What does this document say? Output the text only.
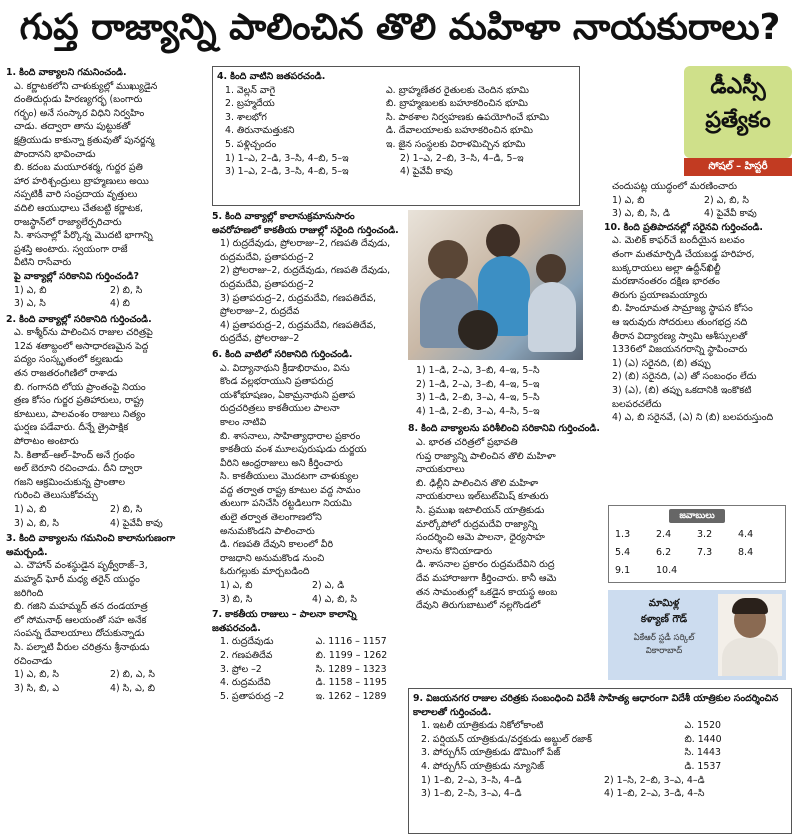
గుప్త రాజ్యాన్ని పాలించిన తొలి మహిళా నాయకురాలు?
1. కింది వాక్యాలని గమనించండి.
ఎ. కర్ణాటకలోని చాళుక్యుల్లో ముఖ్యుడైన
దంతిదుర్గుడు హిరణ్యగర్భ (బంగారు
గర్భం) అనే సంస్కార విధిని నిర్వహిం
చాడు. తద్వారా తాను పుట్టుకతో
క్షత్రియుడు కాకున్నా క్రతువుతో పునర్జన్మ
పొందానని భావించాడు
బి. కదంబ మయూరశర్మ, గుర్జర ప్రతి
హార హరిశ్చంద్రులు బ్రాహ్మణులు అయి
నప్పటికీ వారి సంప్రదాయ వృత్తులు
వదిలి ఆయుధాలు చేతబట్టి కర్ణాటక,
రాజస్థాన్‌లో రాజ్యాలేర్పరిచారు
సి. శాసనాల్లో పేర్కొన్న మొదటి భాగాన్ని
ప్రశస్తి అంటారు. స్వయంగా రాజే
వీటిని రాసేవారు
పై వాక్యాల్లో సరికానివి గుర్తించండి?
1) ఎ, బి	2) బి, సి
3) ఎ, సి	4) బి
2. కింది వాక్యాల్లో సరికానిది గుర్తించండి.
ఎ. కాశ్మీర్‌ను పాలించిన రాజుల చరిత్రపై
12వ శతాబ్దంలో అసాధారణమైన పెద్ద
పద్యం సంస్కృతంలో కల్హణుడు
తన రాజతరంగిణిలో రాశాడు
బి. గంగానది లోయ ప్రాంతంపై నియం
త్రణ కోసం గుర్జర ప్రతిహారులు, రాష్ట్ర
కూటులు, పాలవంశం రాజులు నిత్యం
ఘర్షణ పడేవారు. దీన్నే త్రైపాక్షిక
పోరాటం అంటారు
సి. కితాబ్–ఆల్–హింద్ అనే గ్రంథం
అల్ బెరూని రచించాడు. దీని ద్వారా
గజని ఆక్రమించుకున్న ప్రాంతాల
గురించి తెలుసుకోవచ్చు
1) ఎ, బి	2) బి, సి
3) ఎ, బి, సి	4) పైవేవీ కావు
3. కింది వాక్యాలను గమనించి కాలానుగుణంగా అమర్చండి.
ఎ. చౌహాన్ వంశస్థుడైన పృథ్వీరాజ్–3,
మహ్మద్ ఘోరీ మధ్య తరైన్ యుద్ధం
జరిగింది
బి. గజిని మహమ్మద్ తన దండయాత్ర
లో సోమనాథ్ ఆలయంతో సహ అనేక
సంపన్న దేవాలయాలు దోచుకున్నాడు
సి. పల్నాటి వీరుల చరిత్రను శ్రీనాథుడు
రచించాడు
1) ఎ, బి, సి	2) బి, ఎ, సి
3) సి, బి, ఎ	4) సి, ఎ, బి
4. కింది వాటిని జతపరచండి.
1. వెల్లన్ వాగై	ఎ. బ్రాహ్మణేతర రైతులకు చెందిన భూమి
2. బ్రహ్మదేయ	బి. బ్రాహ్మణులకు బహూకరించిన భూమి
3. శాలభోగ	సి. పాఠశాల నిర్వహణకు ఉపయోగించే భూమి
4. తిరునామత్తుకని	డి. దేవాలయాలకు బహూకరించిన భూమి
5. పళ్లిచ్చందం	ఇ. జైన సంస్థలకు విరాళమిచ్చిన భూమి
1) 1–ఎ, 2–డి, 3–సి, 4–బి, 5–ఇ	2) 1–ఎ, 2–బి, 3–సి, 4–డి, 5–ఇ
3) 1–ఎ, 2–డి, 3–సి, 4–బి, 5–ఇ	4) పైవేవీ కావు
5. కింది వాక్యాల్లో కాలానుక్రమానుసారం అవరోహణలో కాకతీయ రాజుల్లో సరైంది గుర్తించండి.
1) రుద్రదేవుడు, ప్రోలరాజు–2, గణపతి దేవుడు, రుద్రమదేవి, ప్రతాపరుద్ర–2
2) ప్రోలరాజు–2, రుద్రదేవుడు, గణపతి దేవుడు, రుద్రమదేవి, ప్రతాపరుద్ర–2
3) ప్రతాపరుద్ర–2, రుద్రమదేవి, గణపతిదేవ, ప్రోలరాజు–2, రుద్రదేవ
4) ప్రతాపరుద్ర–2, రుద్రమదేవి, గణపతిదేవ, రుద్రదేవ, ప్రోలరాజు–2
6. కింది వాటిలో సరికానిది గుర్తించండి.
ఎ. విద్యానాథుని క్రీడాభిరామం, విను
కొండ వల్లభరాయుని ప్రతాపరుద్ర
యశోభూషణం, ఏకామ్రనాథుని ప్రతాప
రుద్రచరిత్రలు కాకతీయుల పాలనా
కాలం నాటివి
బి. శాసనాలు, సాహిత్యాధారాల ప్రకారం
కాకతీయ వంశ మూలపురుషుడు దుర్జయ
వీరిని ఆంధ్రరాజులు అని కీర్తించారు
సి. కాకతీయులు మొదటగా చాళుక్యుల
వద్ద తర్వాత రాష్ట్ర కూటుల వద్ద సామం
తులుగా పనిచేసి రట్టడిలుగా నియమి
తులై తర్వాత తెలంగాణలోని
అనుమకొండని పాలించారు
డి. గణపతి దేవుని కాలంలో వీరి
రాజధాని అనుమకొండ నుంచి
ఓరుగల్లుకు మార్చబడింది
1) ఎ, బి	2) ఎ, డి
3) బి, సి	4) ఎ, బి, సి
7. కాకతీయ రాజులు – పాలనా కాలాన్ని జతపరచండి.
1. రుద్రదేవుడు	ఎ. 1116 – 1157
2. గణపతిదేవ	బి. 1199 – 1262
3. ప్రోల –2	సి. 1289 – 1323
4. రుద్రమదేవి	డి. 1158 – 1195
5. ప్రతాపరుద్ర –2	ఇ. 1262 – 1289
1) 1–డి, 2–ఎ, 3–బి, 4–ఇ, 5–సి
2) 1–డి, 2–ఎ, 3–బి, 4–ఇ, 5–ఇ
3) 1–డి, 2–బి, 3–ఎ, 4–ఇ, 5–సి
4) 1–డి, 2–బి, 3–ఎ, 4–సి, 5–ఇ
8. కింది వాక్యాలను పరిశీలించి సరికానివి గుర్తించండి.
ఎ. భారత చరిత్రలో ప్రభావతి
గుప్త రాజ్యాన్ని పాలించిన తొలి మహిళా
నాయకురాలు
బి. ఢిల్లీని పాలించిన తొలి మహిళా
నాయకురాలు ఇల్‌టుట్‌మిష్ కూతురు
సి. ప్రముఖ ఇటాలియన్ యాత్రికుడు
మార్కోపోలో రుద్రమదేవి రాజ్యాన్ని
సందర్శించి ఆమె పాలనా, ధైర్యసాహ
సాలను కొనియాడారు
డి. శాసనాల ప్రకారం రుద్రమదేవిని రుద్ర
దేవ మహారాజుగా కీర్తించారు. కానీ ఆమె
తన సామంతుల్లో ఒకడైన కాయస్థ అంబ
దేవుని తిరుగుబాటులో నల్లగొండలో
9. విజయనగర రాజుల చరిత్రకు సంబంధించి విదేశీ సాహిత్య ఆధారంగా విదేశీ యాత్రికుల సందర్శించిన కాలాలతో గుర్తించండి.
1. ఇటలీ యాత్రికుడు నికోలోకాంటి	ఎ. 1520
2. పర్షియన్ యాత్రికుడు/వర్తకుడు అబ్దుల్ రజాక్	బి. 1440
3. పోర్చుగీస్ యాత్రికుడు డొమింగో పేజ్	సి. 1443
4. పోర్చుగీస్ యాత్రికుడు న్యూనిజ్	డి. 1537
1) 1–బి, 2–ఎ, 3–సి, 4–డి	2) 1–సి, 2–బి, 3–ఎ, 4–డి
3) 1–బి, 2–సి, 3–ఎ, 4–డి	4) 1–బి, 2–ఎ, 3–డి, 4–సి
డీఎస్సీ
ప్రత్యేకం
సోషల్ – హిస్టరీ
చందుపట్ల యుద్ధంలో మరణించారు
1) ఎ, బి	2) ఎ, బి, సి
3) ఎ, బి, సి, డి	4) పైవేవీ కావు
10. కింది ప్రతిపాదనల్లో సరైనవి గుర్తించండి.
ఎ. మెలిక్ కాఫర్‌చే బందీయైన బలవం
తంగా మతమార్పిడి చేయబడ్డ హరిహర,
బుక్కరాయలు అల్లా ఉద్దీన్‌ఖిల్జీ
మరణానంతరం దక్షిణ భారతం
తిరుగు ప్రయాణమయ్యారు
బి. హిందూమత సామ్రాజ్య స్థాపన కోసం
ఆ ఇరువురు సోదరులు తుంగభద్ర నది
తీరాన విద్యారణ్య స్వామి ఆశీస్సులతో
1336లో విజయనగరాన్ని స్థాపించారు
1) (ఎ) సరైనది, (బి) తప్పు
2) (బి) సరైనది, (ఎ) తో సంబంధం లేదు
3) (ఎ), (బి) తప్పు ఒకదానికి ఇంకొకటి బలపరచలేదు
4) ఎ, బి సరైనవే, (ఎ) ని (బి) బలపరుస్తుంది
జవాబులు
1.3	2.4	3.2	4.4
5.4	6.2	7.3	8.4
9.1	10.4
మామిళ్ల
కళ్యాణ్ గౌడ్
ఏకేఆర్ స్టడీ సర్కిల్
వికారాబాద్
